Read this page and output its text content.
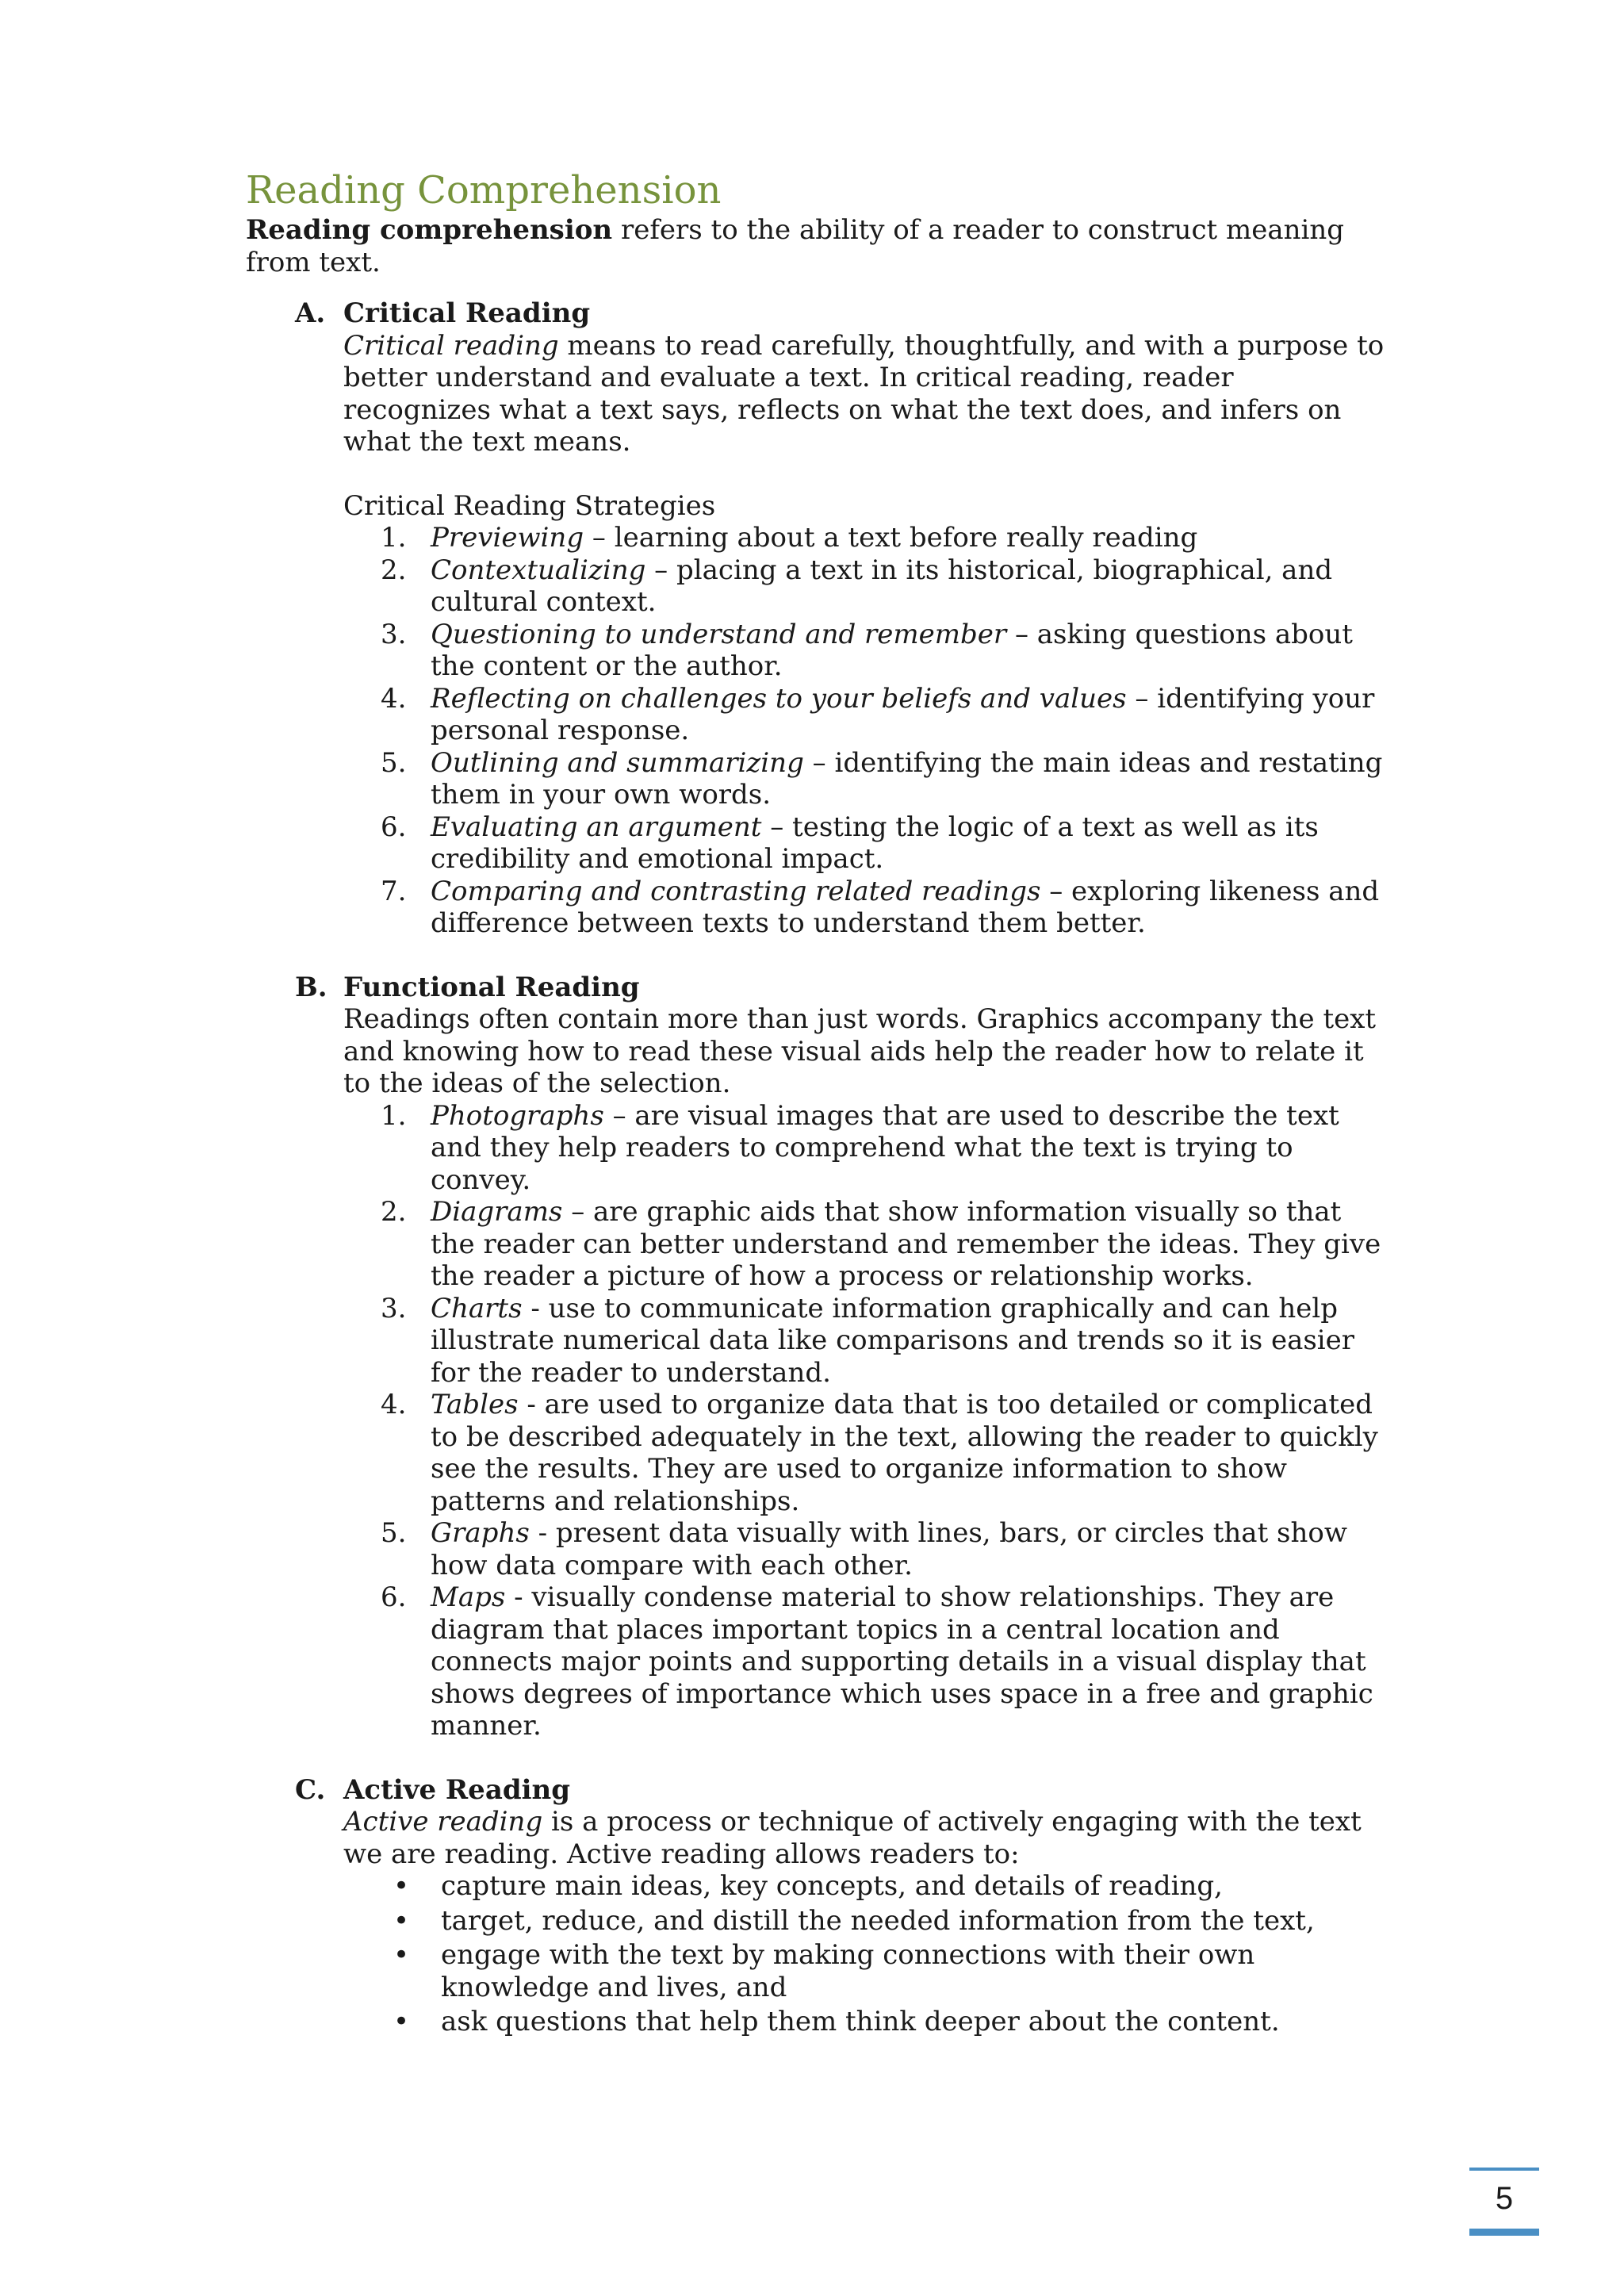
Reading Comprehension

Reading comprehension refers to the ability of a reader to construct meaning from text.

A. Critical Reading

Critical reading means to read carefully, thoughtfully, and with a purpose to better understand and evaluate a text. In critical reading, reader recognizes what a text says, reflects on what the text does, and infers on what the text means.

Critical Reading Strategies

1. Previewing – learning about a text before really reading
2. Contextualizing – placing a text in its historical, biographical, and cultural context.
3. Questioning to understand and remember – asking questions about the content or the author.
4. Reflecting on challenges to your beliefs and values – identifying your personal response.
5. Outlining and summarizing – identifying the main ideas and restating them in your own words.
6. Evaluating an argument – testing the logic of a text as well as its credibility and emotional impact.
7. Comparing and contrasting related readings – exploring likeness and difference between texts to understand them better.
B. Functional Reading

Readings often contain more than just words. Graphics accompany the text and knowing how to read these visual aids help the reader how to relate it to the ideas of the selection.

1. Photographs – are visual images that are used to describe the text and they help readers to comprehend what the text is trying to convey.
2. Diagrams – are graphic aids that show information visually so that the reader can better understand and remember the ideas. They give the reader a picture of how a process or relationship works.
3. Charts - use to communicate information graphically and can help illustrate numerical data like comparisons and trends so it is easier for the reader to understand.
4. Tables - are used to organize data that is too detailed or complicated to be described adequately in the text, allowing the reader to quickly see the results. They are used to organize information to show patterns and relationships.
5. Graphs - present data visually with lines, bars, or circles that show how data compare with each other.
6. Maps - visually condense material to show relationships. They are diagram that places important topics in a central location and connects major points and supporting details in a visual display that shows degrees of importance which uses space in a free and graphic manner.
C. Active Reading

Active reading is a process or technique of actively engaging with the text we are reading. Active reading allows readers to:

• capture main ideas, key concepts, and details of reading,
• target, reduce, and distill the needed information from the text,
• engage with the text by making connections with their own knowledge and lives, and
• ask questions that help them think deeper about the content.
5
